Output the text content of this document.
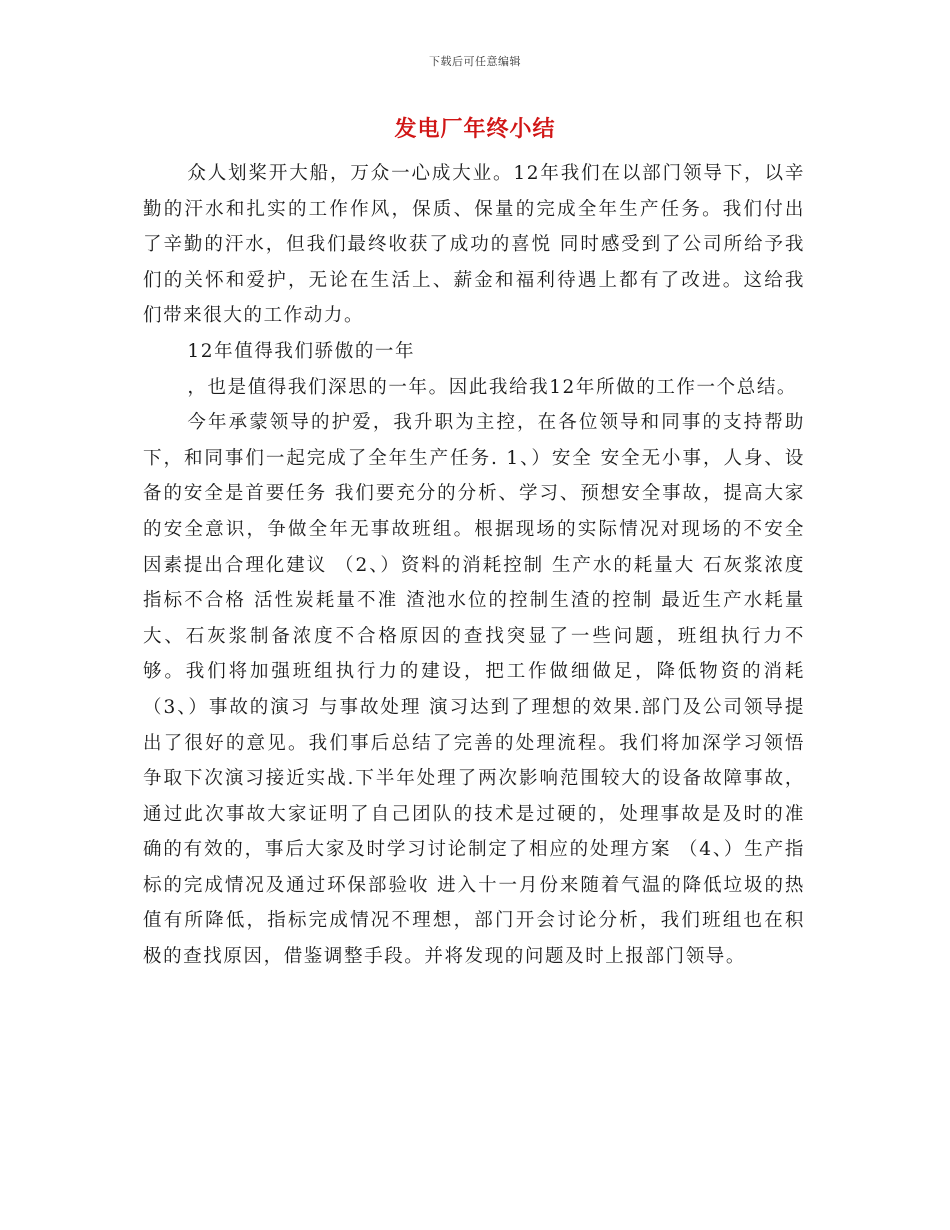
下载后可任意编辑
发电厂年终小结

众人划桨开大船，万众一心成大业。12年我们在以部门领导下，以辛勤的汗水和扎实的工作作风，保质、保量的完成全年生产任务。我们付出了辛勤的汗水，但我们最终收获了成功的喜悦 同时感受到了公司所给予我们的关怀和爱护，无论在生活上、薪金和福利待遇上都有了改进。这给我们带来很大的工作动力。

12年值得我们骄傲的一年

，也是值得我们深思的一年。因此我给我12年所做的工作一个总结。

今年承蒙领导的护爱，我升职为主控，在各位领导和同事的支持帮助下，和同事们一起完成了全年生产任务. 1、）安全 安全无小事，人身、设备的安全是首要任务 我们要充分的分析、学习、预想安全事故，提高大家的安全意识，争做全年无事故班组。根据现场的实际情况对现场的不安全因素提出合理化建议 （2、）资料的消耗控制 生产水的耗量大 石灰浆浓度指标不合格 活性炭耗量不准 渣池水位的控制生渣的控制 最近生产水耗量大、石灰浆制备浓度不合格原因的查找突显了一些问题，班组执行力不够。我们将加强班组执行力的建设，把工作做细做足，降低物资的消耗 （3、）事故的演习 与事故处理 演习达到了理想的效果.部门及公司领导提出了很好的意见。我们事后总结了完善的处理流程。我们将加深学习领悟争取下次演习接近实战.下半年处理了两次影响范围较大的设备故障事故，通过此次事故大家证明了自己团队的技术是过硬的，处理事故是及时的准确的有效的，事后大家及时学习讨论制定了相应的处理方案 （4、）生产指标的完成情况及通过环保部验收 进入十一月份来随着气温的降低垃圾的热值有所降低，指标完成情况不理想，部门开会讨论分析，我们班组也在积极的查找原因，借鉴调整手段。并将发现的问题及时上报部门领导。
